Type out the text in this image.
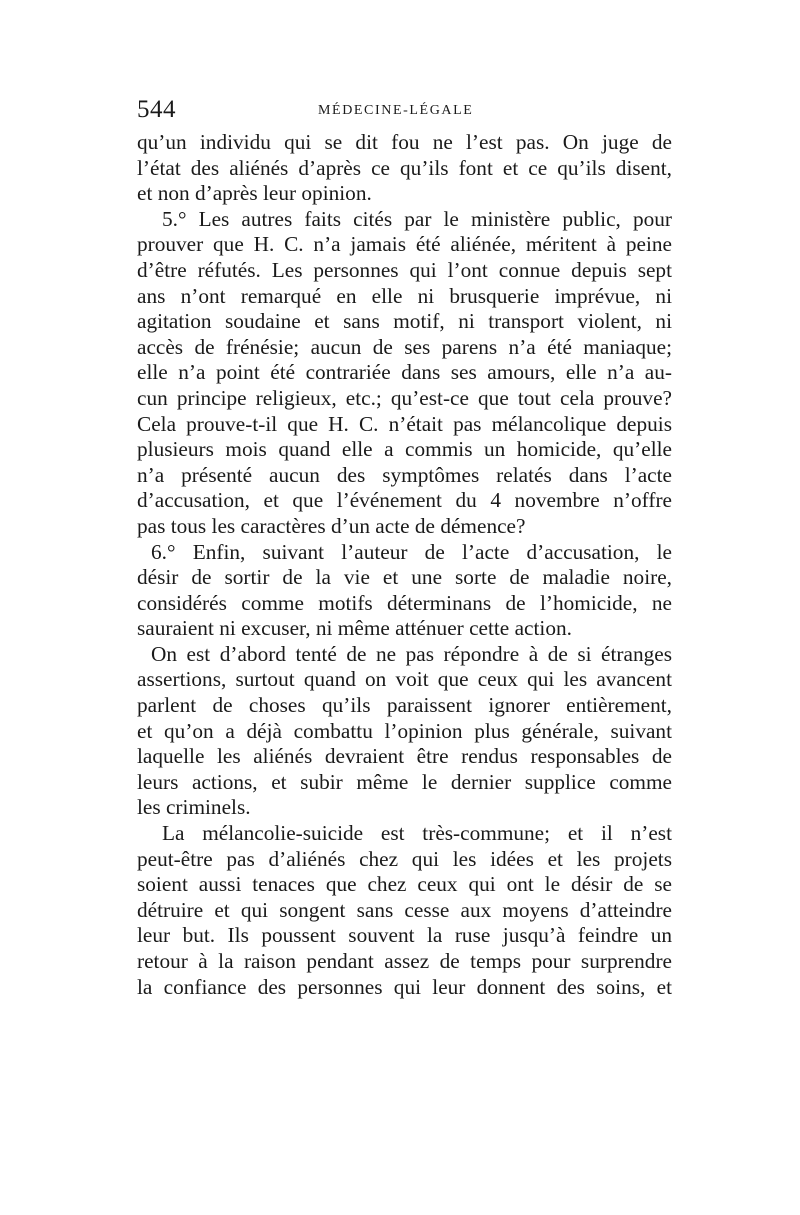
544	MÉDECINE-LÉGALE
qu’un individu qui se dit fou ne l’est pas. On juge de
l’état des aliénés d’après ce qu’ils font et ce qu’ils disent,
et non d’après leur opinion.
5.° Les autres faits cités par le ministère public, pour
prouver que H. C. n’a jamais été aliénée, méritent à peine
d’être réfutés. Les personnes qui l’ont connue depuis sept
ans n’ont remarqué en elle ni brusquerie imprévue, ni
agitation soudaine et sans motif, ni transport violent, ni
accès de frénésie; aucun de ses parens n’a été maniaque;
elle n’a point été contrariée dans ses amours, elle n’a au-
cun principe religieux, etc.; qu’est-ce que tout cela prouve?
Cela prouve-t-il que H. C. n’était pas mélancolique depuis
plusieurs mois quand elle a commis un homicide, qu’elle
n’a présenté aucun des symptômes relatés dans l’acte
d’accusation, et que l’événement du 4 novembre n’offre
pas tous les caractères d’un acte de démence?
6.° Enfin, suivant l’auteur de l’acte d’accusation, le
désir de sortir de la vie et une sorte de maladie noire,
considérés comme motifs déterminans de l’homicide, ne
sauraient ni excuser, ni même atténuer cette action.
On est d’abord tenté de ne pas répondre à de si étranges
assertions, surtout quand on voit que ceux qui les avancent
parlent de choses qu’ils paraissent ignorer entièrement,
et qu’on a déjà combattu l’opinion plus générale, suivant
laquelle les aliénés devraient être rendus responsables de
leurs actions, et subir même le dernier supplice comme
les criminels.
La mélancolie-suicide est très-commune; et il n’est
peut-être pas d’aliénés chez qui les idées et les projets
soient aussi tenaces que chez ceux qui ont le désir de se
détruire et qui songent sans cesse aux moyens d’atteindre
leur but. Ils poussent souvent la ruse jusqu’à feindre un
retour à la raison pendant assez de temps pour surprendre
la confiance des personnes qui leur donnent des soins, et
